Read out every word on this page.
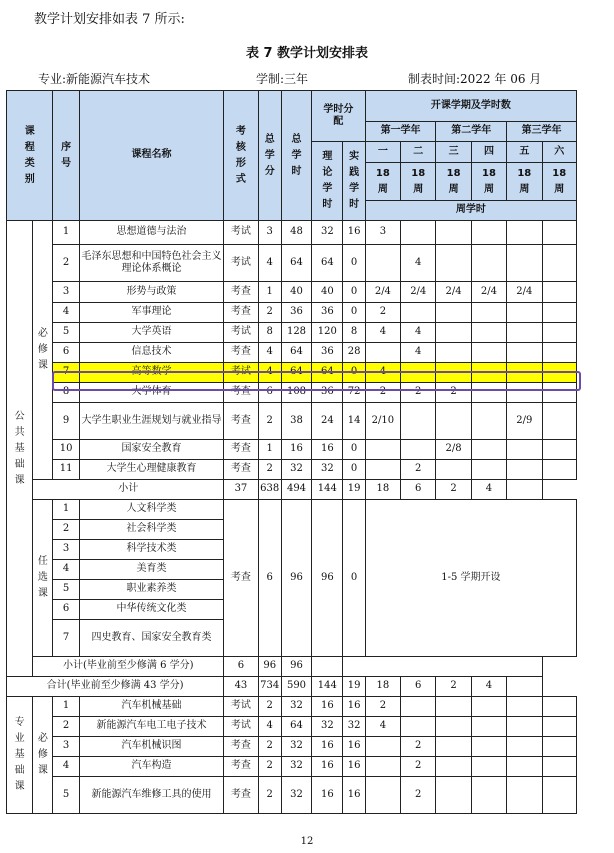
教学计划安排如表 7 所示:
表 7 教学计划安排表
专业:新能源汽车技术	学制:三年	制表时间:2022 年 06 月
课程类别		序号	课程名称	考核形式	总学分	总学时	学时分配		开课学期及学时数					
									第一学年		第二学年		第三学年	
							理论学时	实践学时	一	二	三	四	五	六
									18周	18周	18周	18周	18周	18周
									周学时					
公共基础课	必修课	1	思想道德与法治	考试	3	48	32	16	3					
		2	毛泽东思想和中国特色社会主义理论体系概论	考试	4	64	64	0		4				
		3	形势与政策	考查	1	40	40	0	2/4	2/4	2/4	2/4	2/4	
		4	军事理论	考查	2	36	36	0	2					
		5	大学英语	考试	8	128	120	8	4	4				
		6	信息技术	考查	4	64	36	28		4				
		7	高等数学	考试	4	64	64	0	4					
		8	大学体育	考查	6	108	36	72	2	2	2			
		9	大学生职业生涯规划与就业指导	考查	2	38	24	14	2/10				2/9	
		10	国家安全教育	考查	1	16	16	0			2/8			
		11	大学生心理健康教育	考查	2	32	32	0		2				
	小计			37	638	494	144	19	18	6	2	4		
	任选课	1	人文科学类	考查	6	96	96	0	1-5 学期开设					
		2	社会科学类											
		3	科学技术类											
		4	美育类											
		5	职业素养类											
		6	中华传统文化类											
		7	四史教育、国家安全教育类											
	小计(毕业前至少修满 6 学分)			6	96	96								
合计(毕业前至少修满 43 学分)				43	734	590	144	19	18	6	2	4		
专业基础课	必修课	1	汽车机械基础	考试	2	32	16	16	2					
		2	新能源汽车电工电子技术	考试	4	64	32	32	4					
		3	汽车机械识图	考查	2	32	16	16		2				
		4	汽车构造	考查	2	32	16	16		2				
		5	新能源汽车维修工具的使用	考查	2	32	16	16		2				
12
